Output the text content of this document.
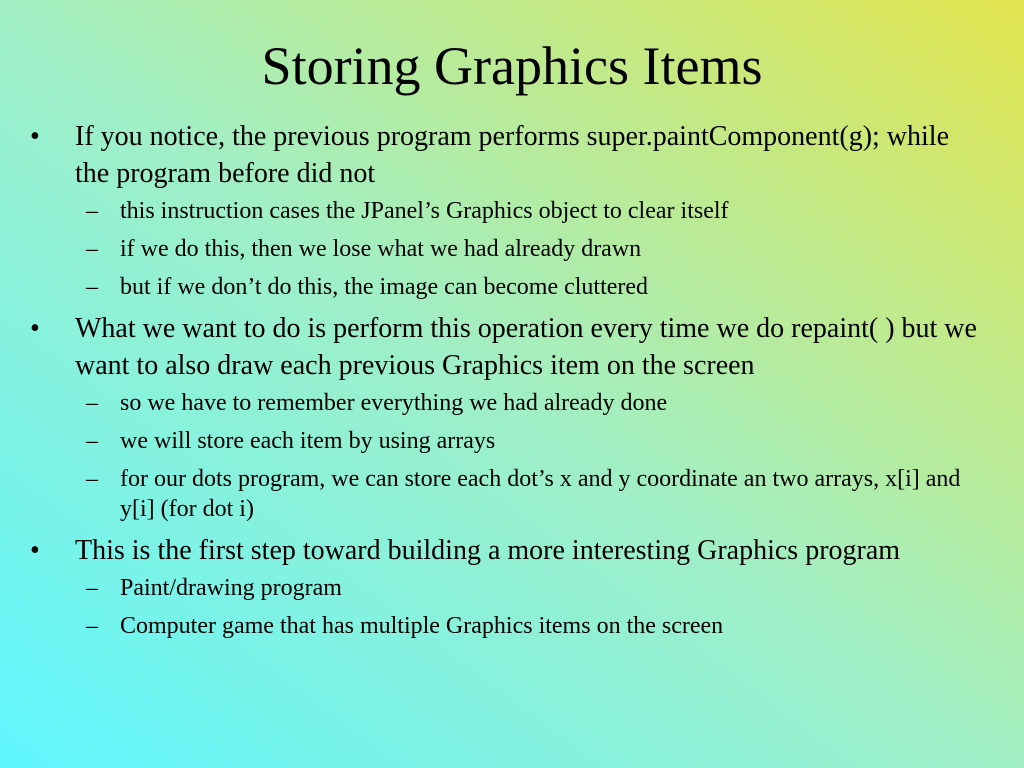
Storing Graphics Items
• If you notice, the previous program performs super.paintComponent(g); while the program before did not
– this instruction cases the JPanel’s Graphics object to clear itself
– if we do this, then we lose what we had already drawn
– but if we don’t do this, the image can become cluttered
• What we want to do is perform this operation every time we do repaint( ) but we want to also draw each previous Graphics item on the screen
– so we have to remember everything we had already done
– we will store each item by using arrays
– for our dots program, we can store each dot’s x and y coordinate an two arrays, x[i] and y[i] (for dot i)
• This is the first step toward building a more interesting Graphics program
– Paint/drawing program
– Computer game that has multiple Graphics items on the screen
